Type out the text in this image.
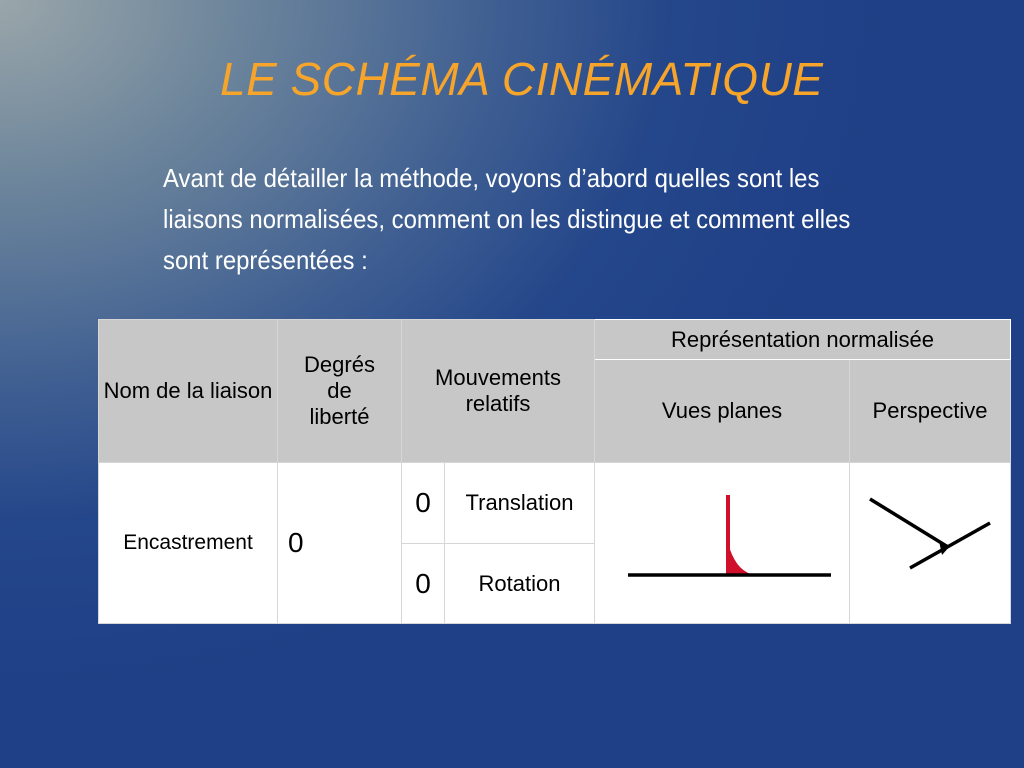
LE SCHÉMA CINÉMATIQUE

Avant de détailler la méthode, voyons d’abord quelles sont les liaisons normalisées, comment on les distingue et comment elles sont représentées :

Nom de la liaison	Degrés de liberté	Mouvements relatifs		Représentation normalisée	
				Vues planes	Perspective
Encastrement	0	0	Translation	

		0	Rotation		
